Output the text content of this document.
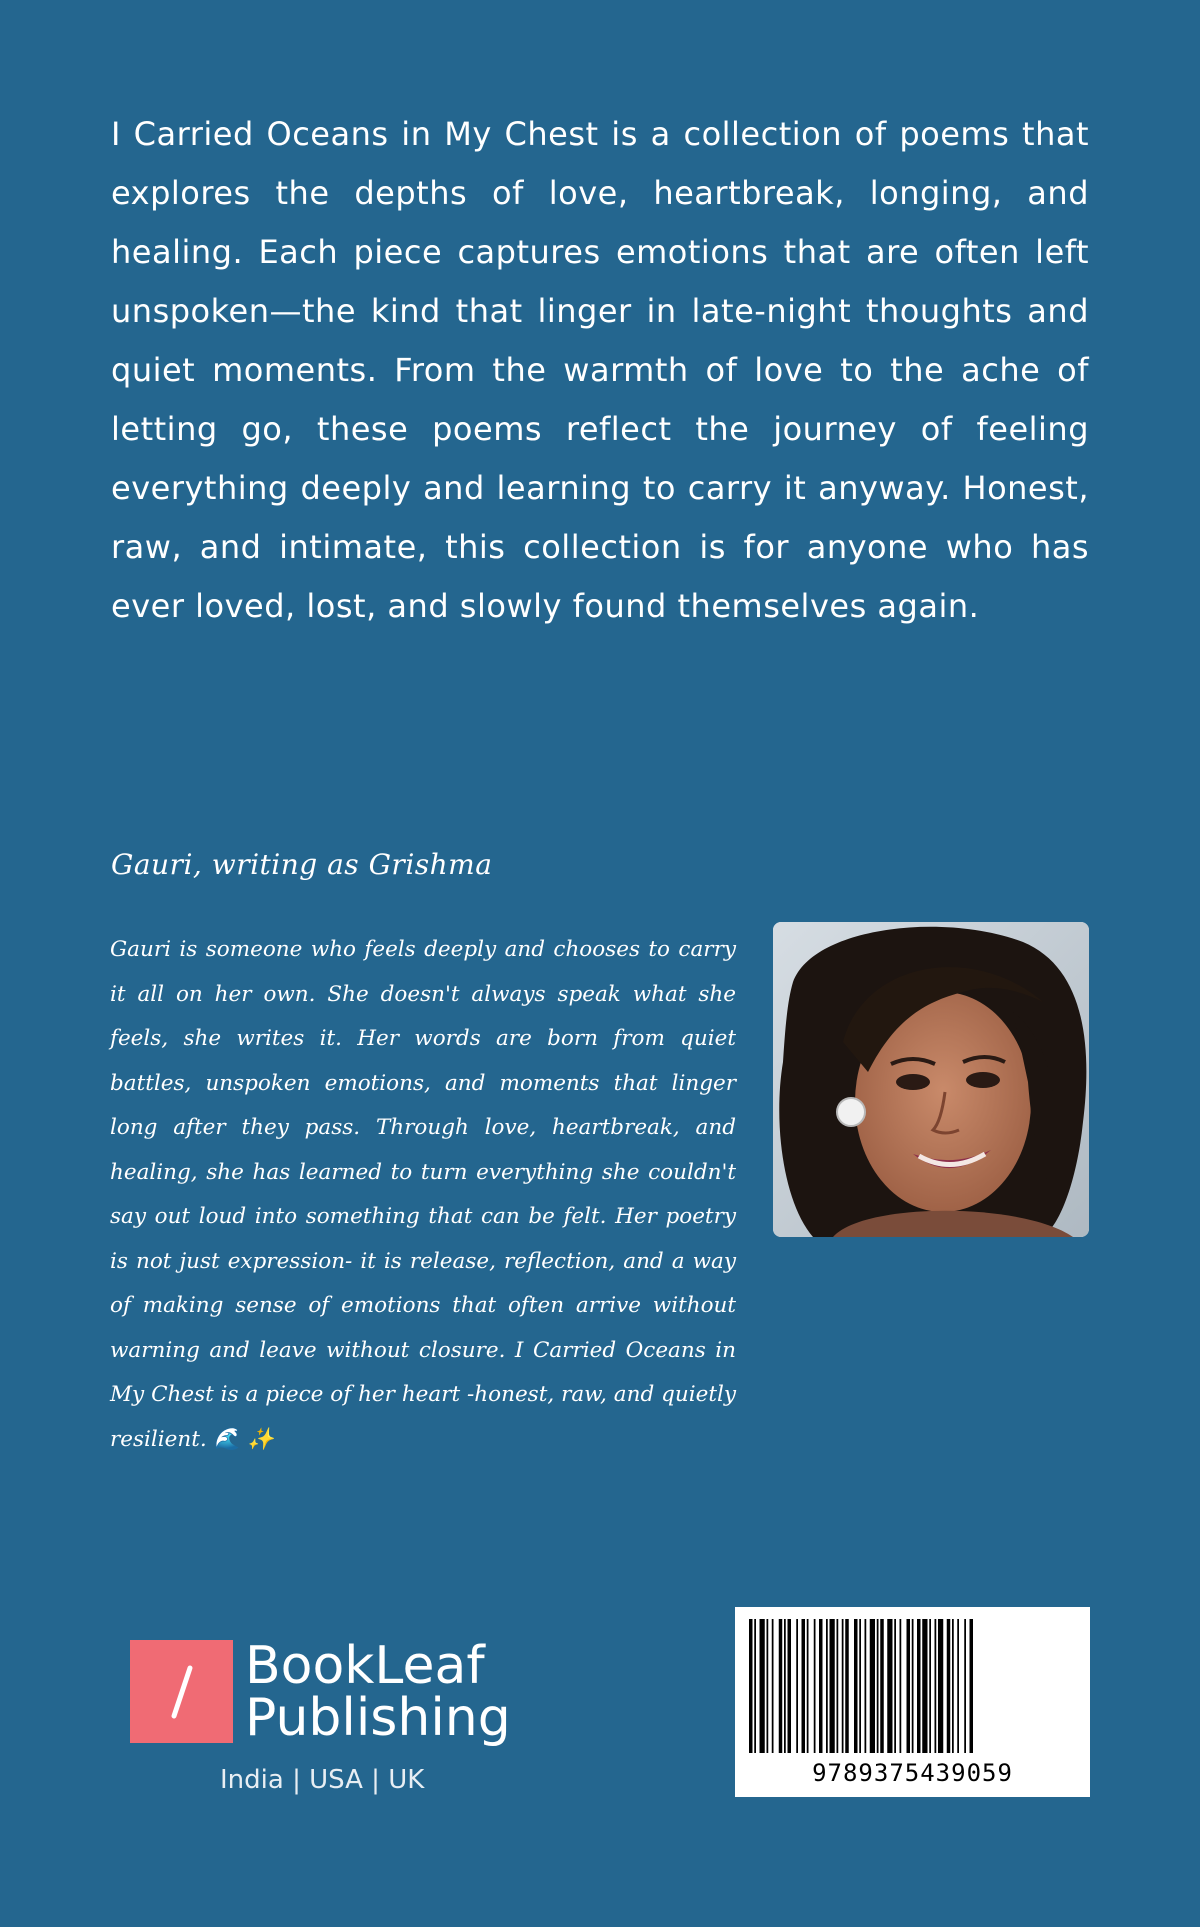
I Carried Oceans in My Chest is a collection of poems that explores the depths of love, heartbreak, longing, and healing. Each piece captures emotions that are often left unspoken—the kind that linger in late-night thoughts and quiet moments. From the warmth of love to the ache of letting go, these poems reflect the journey of feeling everything deeply and learning to carry it anyway. Honest, raw, and intimate, this collection is for anyone who has ever loved, lost, and slowly found themselves again.

Gauri, writing as Grishma

Gauri is someone who feels deeply and chooses to carry it all on her own. She doesn't always speak what she feels, she writes it. Her words are born from quiet battles, unspoken emotions, and moments that linger long after they pass. Through love, heartbreak, and healing, she has learned to turn everything she couldn't say out loud into something that can be felt. Her poetry is not just expression- it is release, reflection, and a way of making sense of emotions that often arrive without warning and leave without closure. I Carried Oceans in My Chest is a piece of her heart -honest, raw, and quietly resilient. 🌊 ✨

BookLeaf
Publishing
India | USA | UK	9789375439059
